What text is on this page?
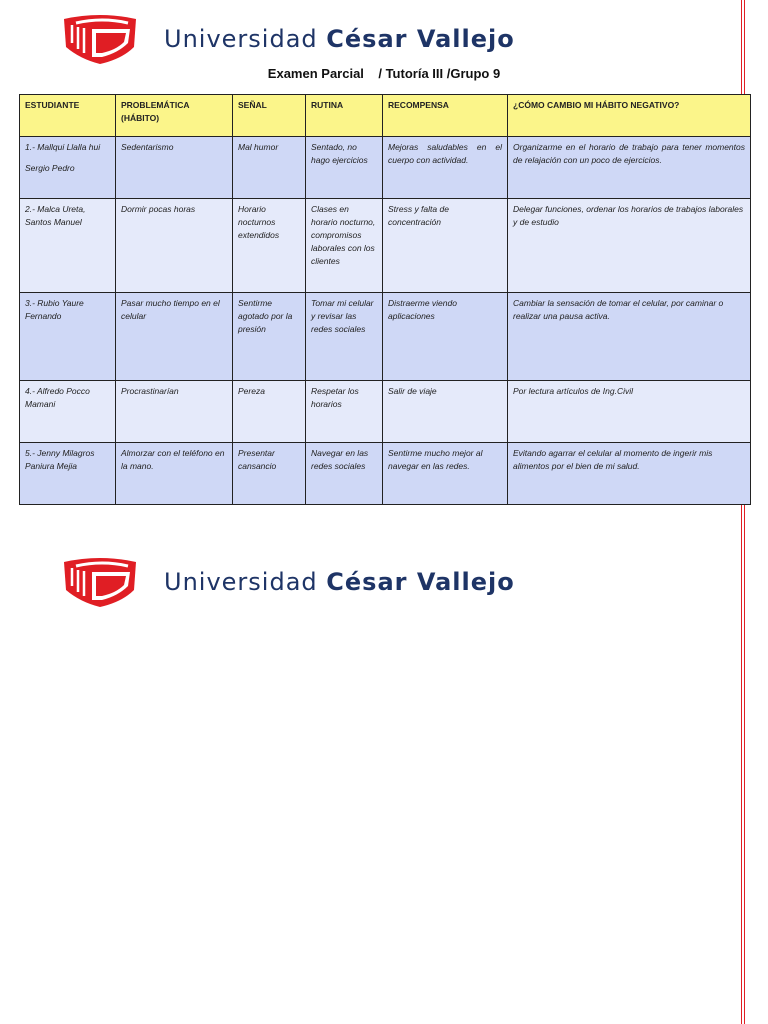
Universidad César Vallejo
Examen Parcial    / Tutoría III /Grupo 9
ESTUDIANTE	PROBLEMÁTICA (HÁBITO)	SEÑAL	RUTINA	RECOMPENSA	¿CÓMO CAMBIO MI HÁBITO NEGATIVO?

1.- Mallqui Llalla hui
Sergio Pedro	Sedentarismo	Mal humor	Sentado, no hago ejercicios	Mejoras saludables en el cuerpo con actividad.	Organizarme en el horario de trabajo para tener momentos de relajación con un poco de ejercicios.
2.- Malca Ureta, Santos Manuel	Dormir pocas horas	Horario nocturnos extendidos	Clases en horario nocturno, compromisos laborales con los clientes	Stress y falta de concentración	Delegar funciones, ordenar los horarios de trabajos laborales y de estudio
3.- Rubio Yaure Fernando	Pasar mucho tiempo en el celular	Sentirme agotado por la presión	Tomar mi celular y revisar las redes sociales	Distraerme viendo aplicaciones	Cambiar la sensación de tomar el celular, por caminar o realizar una pausa activa.
4.- Alfredo Pocco Mamani	Procrastinarían	Pereza	Respetar los horarios	Salir de viaje	Por lectura artículos de Ing.Civil
5.- Jenny Milagros Paniura Mejia	Almorzar con el teléfono en la mano.	Presentar cansancio	Navegar en las redes sociales	Sentirme mucho mejor al navegar en las redes.	Evitando agarrar el celular al momento de ingerir mis alimentos por el bien de mi salud.
Universidad César Vallejo
